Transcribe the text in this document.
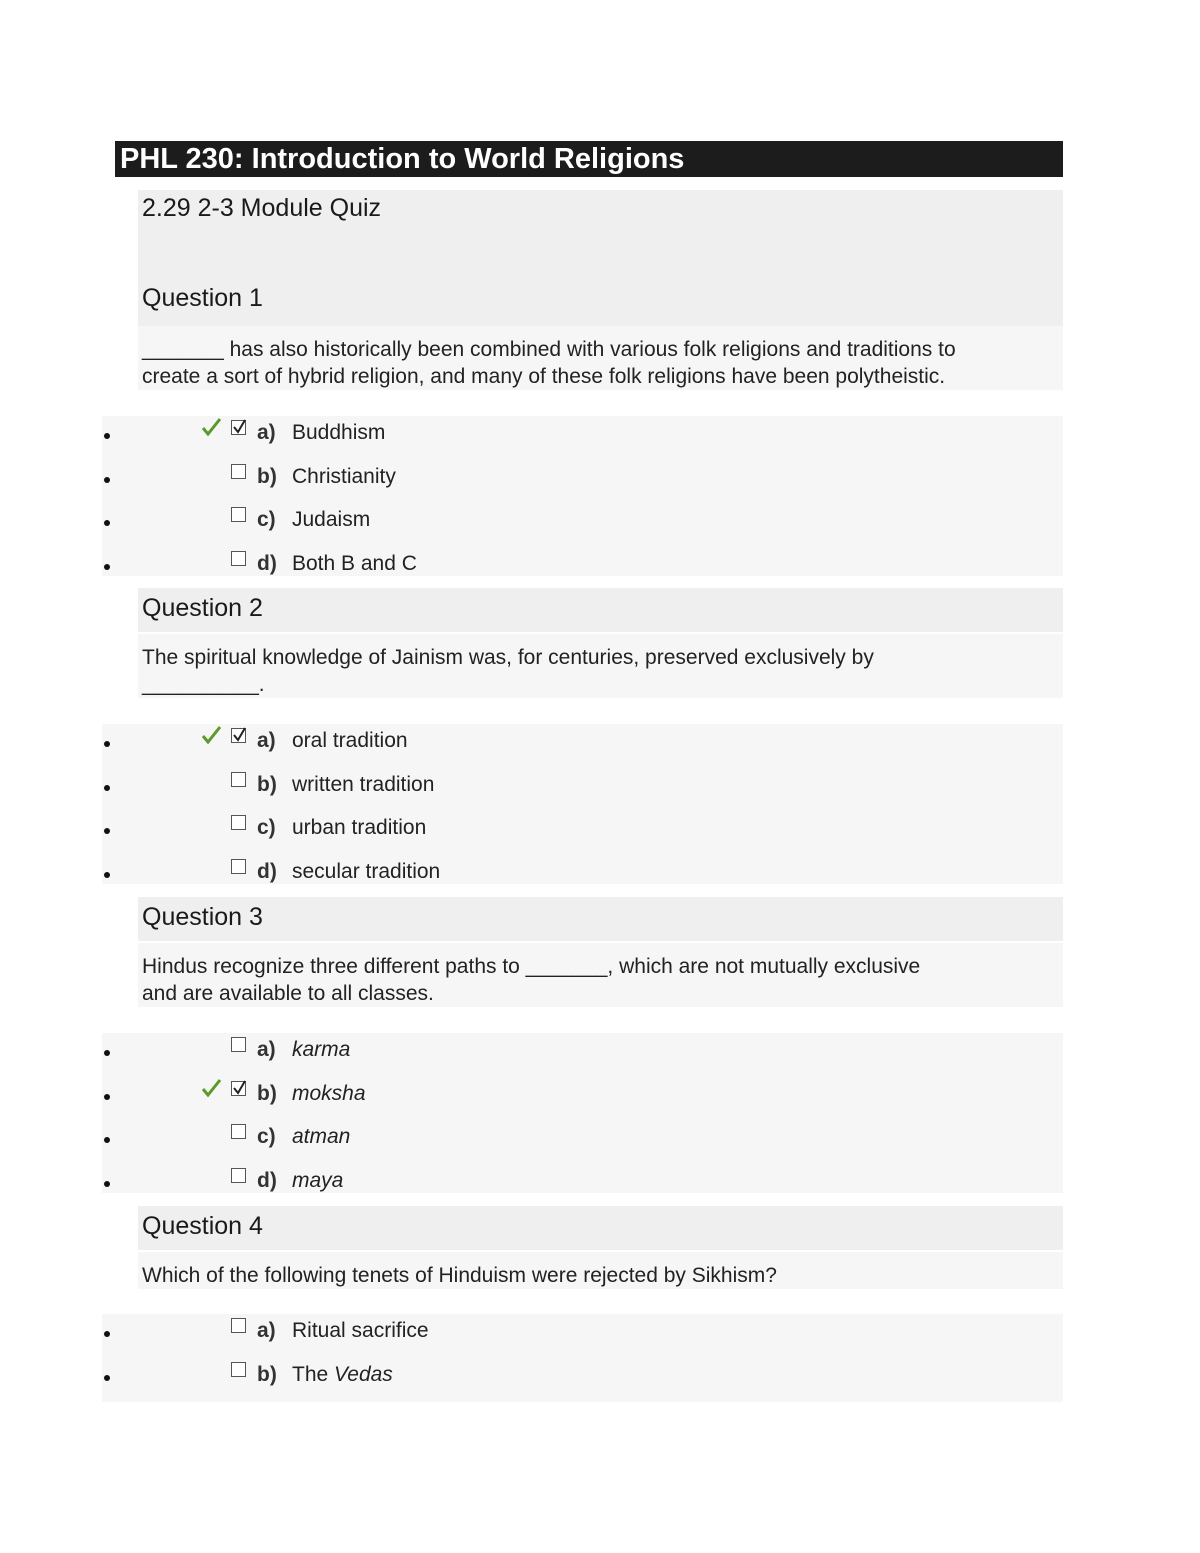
PHL 230: Introduction to World Religions
2.29 2-3 Module Quiz
Question 1
_______ has also historically been combined with various folk religions and traditions to
create a sort of hybrid religion, and many of these folk religions have been polytheistic.
a) Buddhism
b) Christianity
c) Judaism
d) Both B and C
Question 2
The spiritual knowledge of Jainism was, for centuries, preserved exclusively by
__________.
a) oral tradition
b) written tradition
c) urban tradition
d) secular tradition
Question 3
Hindus recognize three different paths to _______, which are not mutually exclusive
and are available to all classes.
a) karma
b) moksha
c) atman
d) maya
Question 4
Which of the following tenets of Hinduism were rejected by Sikhism?
a) Ritual sacrifice
b) The Vedas
